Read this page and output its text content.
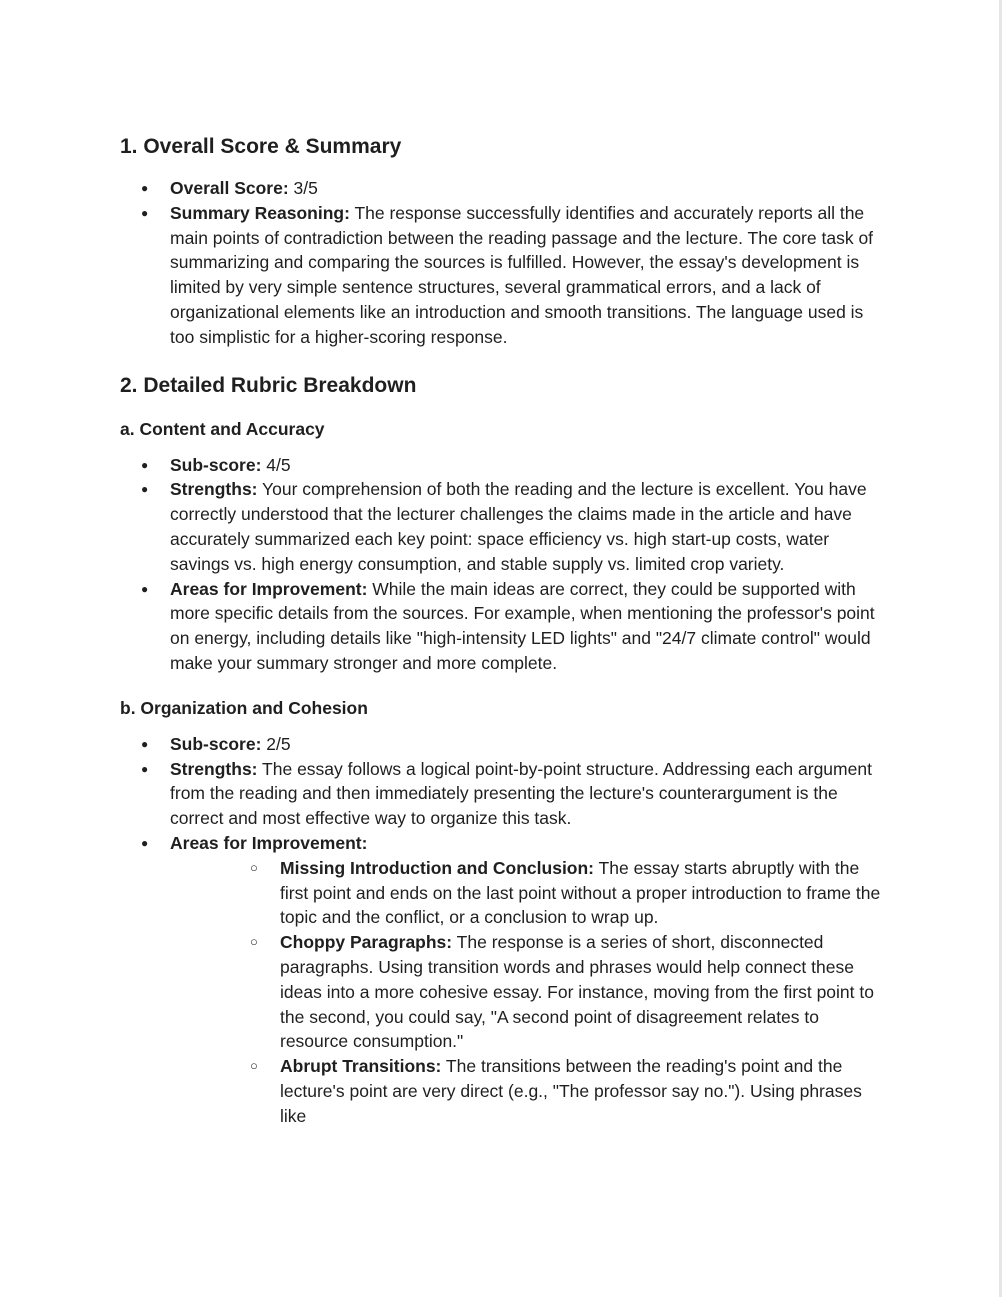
1. Overall Score & Summary
● Overall Score: 3/5
● Summary Reasoning: The response successfully identifies and accurately reports all the main points of contradiction between the reading passage and the lecture. The core task of summarizing and comparing the sources is fulfilled. However, the essay's development is limited by very simple sentence structures, several grammatical errors, and a lack of organizational elements like an introduction and smooth transitions. The language used is too simplistic for a higher-scoring response.
2. Detailed Rubric Breakdown
a. Content and Accuracy
● Sub-score: 4/5
● Strengths: Your comprehension of both the reading and the lecture is excellent. You have correctly understood that the lecturer challenges the claims made in the article and have accurately summarized each key point: space efficiency vs. high start-up costs, water savings vs. high energy consumption, and stable supply vs. limited crop variety.
● Areas for Improvement: While the main ideas are correct, they could be supported with more specific details from the sources. For example, when mentioning the professor's point on energy, including details like "high-intensity LED lights" and "24/7 climate control" would make your summary stronger and more complete.
b. Organization and Cohesion
● Sub-score: 2/5
● Strengths: The essay follows a logical point-by-point structure. Addressing each argument from the reading and then immediately presenting the lecture's counterargument is the correct and most effective way to organize this task.
● Areas for Improvement:
○ Missing Introduction and Conclusion: The essay starts abruptly with the first point and ends on the last point without a proper introduction to frame the topic and the conflict, or a conclusion to wrap up.
○ Choppy Paragraphs: The response is a series of short, disconnected paragraphs. Using transition words and phrases would help connect these ideas into a more cohesive essay. For instance, moving from the first point to the second, you could say, "A second point of disagreement relates to resource consumption."
○ Abrupt Transitions: The transitions between the reading's point and the lecture's point are very direct (e.g., "The professor say no."). Using phrases like
